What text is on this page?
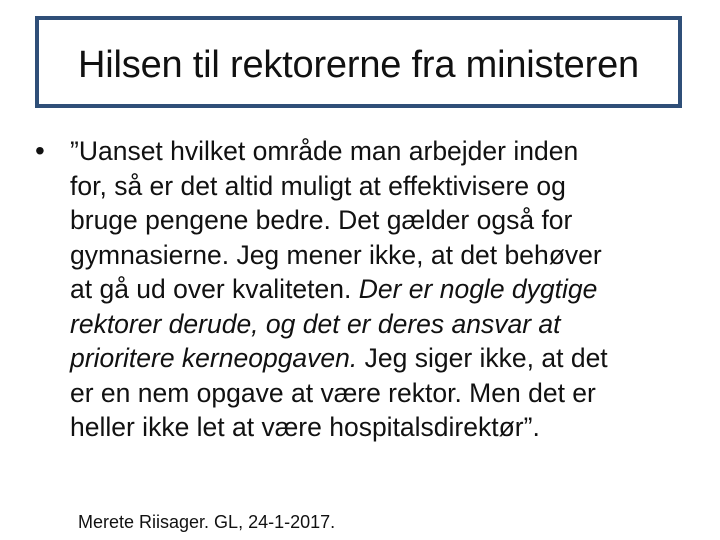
Hilsen til rektorerne fra ministeren
• ”Uanset hvilket område man arbejder inden
for, så er det altid muligt at effektivisere og
bruge pengene bedre. Det gælder også for
gymnasierne. Jeg mener ikke, at det behøver
at gå ud over kvaliteten. Der er nogle dygtige
rektorer derude, og det er deres ansvar at
prioritere kerneopgaven. Jeg siger ikke, at det
er en nem opgave at være rektor. Men det er
heller ikke let at være hospitalsdirektør”.
Merete Riisager. GL, 24-1-2017.
